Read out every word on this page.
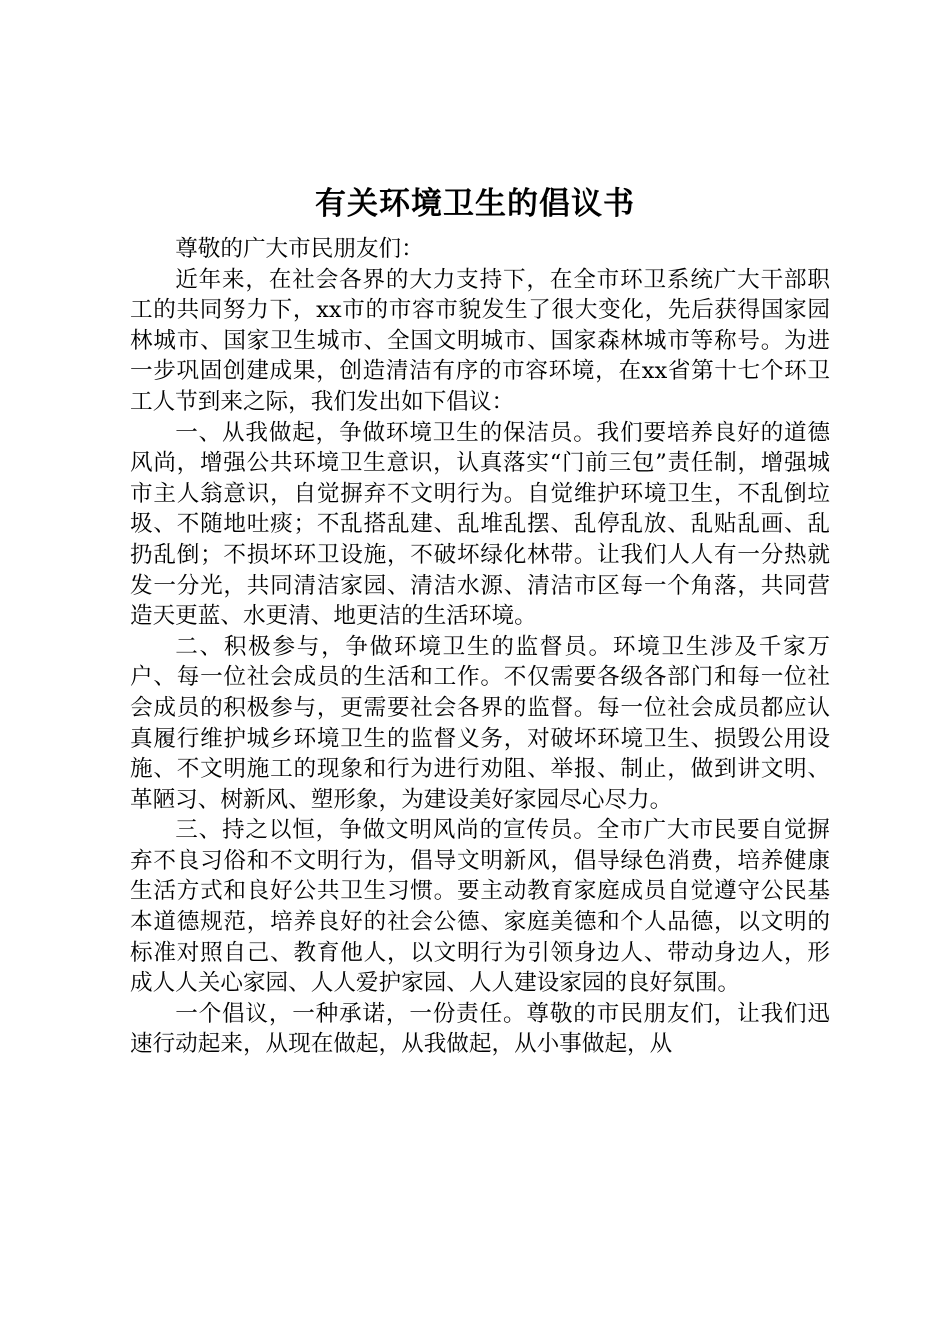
有关环境卫生的倡议书

尊敬的广大市民朋友们：

近年来，在社会各界的大力支持下，在全市环卫系统广大干部职工的共同努力下，xx市的市容市貌发生了很大变化，先后获得国家园林城市、国家卫生城市、全国文明城市、国家森林城市等称号。为进一步巩固创建成果，创造清洁有序的市容环境，在xx省第十七个环卫工人节到来之际，我们发出如下倡议：

一、从我做起，争做环境卫生的保洁员。我们要培养良好的道德风尚，增强公共环境卫生意识，认真落实“门前三包”责任制，增强城市主人翁意识，自觉摒弃不文明行为。自觉维护环境卫生，不乱倒垃圾、不随地吐痰；不乱搭乱建、乱堆乱摆、乱停乱放、乱贴乱画、乱扔乱倒；不损坏环卫设施，不破坏绿化林带。让我们人人有一分热就发一分光，共同清洁家园、清洁水源、清洁市区每一个角落，共同营造天更蓝、水更清、地更洁的生活环境。

二、积极参与，争做环境卫生的监督员。环境卫生涉及千家万户、每一位社会成员的生活和工作。不仅需要各级各部门和每一位社会成员的积极参与，更需要社会各界的监督。每一位社会成员都应认真履行维护城乡环境卫生的监督义务，对破坏环境卫生、损毁公用设施、不文明施工的现象和行为进行劝阻、举报、制止，做到讲文明、革陋习、树新风、塑形象，为建设美好家园尽心尽力。

三、持之以恒，争做文明风尚的宣传员。全市广大市民要自觉摒弃不良习俗和不文明行为，倡导文明新风，倡导绿色消费，培养健康生活方式和良好公共卫生习惯。要主动教育家庭成员自觉遵守公民基本道德规范，培养良好的社会公德、家庭美德和个人品德，以文明的标准对照自己、教育他人，以文明行为引领身边人、带动身边人，形成人人关心家园、人人爱护家园、人人建设家园的良好氛围。

一个倡议，一种承诺，一份责任。尊敬的市民朋友们，让我们迅速行动起来，从现在做起，从我做起，从小事做起，从
